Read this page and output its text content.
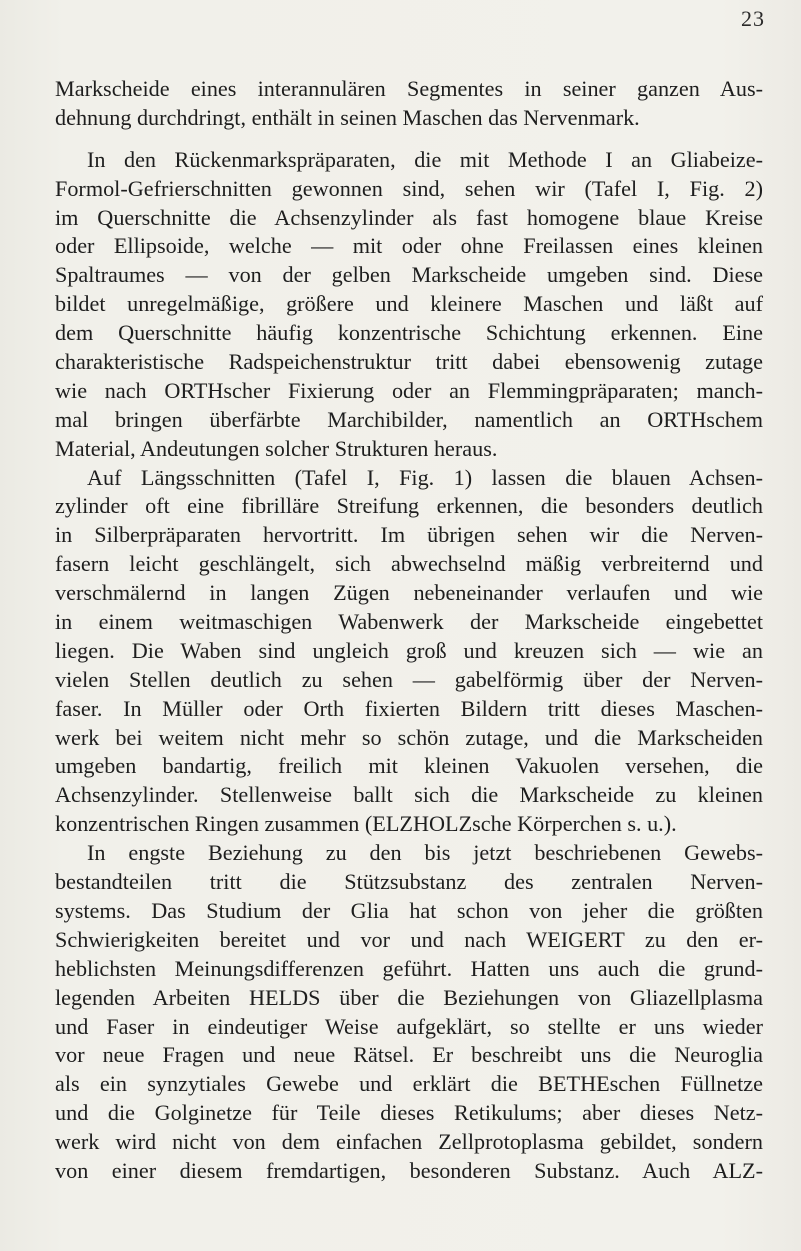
23
Markscheide eines interannulären Segmentes in seiner ganzen Aus-
dehnung durchdringt, enthält in seinen Maschen das Nervenmark.
In den Rückenmarkspräparaten, die mit Methode I an Gliabeize-
Formol-Gefrierschnitten gewonnen sind, sehen wir (Tafel I, Fig. 2)
im Querschnitte die Achsenzylinder als fast homogene blaue Kreise
oder Ellipsoide, welche — mit oder ohne Freilassen eines kleinen
Spaltraumes — von der gelben Markscheide umgeben sind. Diese
bildet unregelmäßige, größere und kleinere Maschen und läßt auf
dem Querschnitte häufig konzentrische Schichtung erkennen. Eine
charakteristische Radspeichenstruktur tritt dabei ebensowenig zutage
wie nach ORTHscher Fixierung oder an Flemmingpräparaten; manch-
mal bringen überfärbte Marchibilder, namentlich an ORTHschem
Material, Andeutungen solcher Strukturen heraus.
Auf Längsschnitten (Tafel I, Fig. 1) lassen die blauen Achsen-
zylinder oft eine fibrilläre Streifung erkennen, die besonders deutlich
in Silberpräparaten hervortritt. Im übrigen sehen wir die Nerven-
fasern leicht geschlängelt, sich abwechselnd mäßig verbreiternd und
verschmälernd in langen Zügen nebeneinander verlaufen und wie
in einem weitmaschigen Wabenwerk der Markscheide eingebettet
liegen. Die Waben sind ungleich groß und kreuzen sich — wie an
vielen Stellen deutlich zu sehen — gabelförmig über der Nerven-
faser. In Müller oder Orth fixierten Bildern tritt dieses Maschen-
werk bei weitem nicht mehr so schön zutage, und die Markscheiden
umgeben bandartig, freilich mit kleinen Vakuolen versehen, die
Achsenzylinder. Stellenweise ballt sich die Markscheide zu kleinen
konzentrischen Ringen zusammen (ELZHOLZsche Körperchen s. u.).
In engste Beziehung zu den bis jetzt beschriebenen Gewebs-
bestandteilen tritt die Stützsubstanz des zentralen Nerven-
systems. Das Studium der Glia hat schon von jeher die größten
Schwierigkeiten bereitet und vor und nach WEIGERT zu den er-
heblichsten Meinungsdifferenzen geführt. Hatten uns auch die grund-
legenden Arbeiten HELDS über die Beziehungen von Gliazellplasma
und Faser in eindeutiger Weise aufgeklärt, so stellte er uns wieder
vor neue Fragen und neue Rätsel. Er beschreibt uns die Neuroglia
als ein synzytiales Gewebe und erklärt die BETHEschen Füllnetze
und die Golginetze für Teile dieses Retikulums; aber dieses Netz-
werk wird nicht von dem einfachen Zellprotoplasma gebildet, sondern
von einer diesem fremdartigen, besonderen Substanz. Auch ALZ-
